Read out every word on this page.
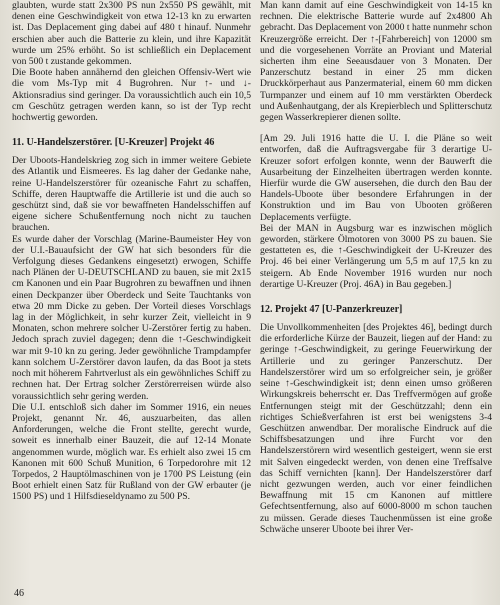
glaubten, wurde statt 2x300 PS nun 2x550 PS gewählt, mit denen eine Geschwindigkeit von etwa 12-13 kn zu erwarten ist. Das Deplacement ging dabei auf 480 t hinauf. Nunmehr erschien aber auch die Batterie zu klein, und ihre Kapazität wurde um 25% erhöht. So ist schließlich ein Deplacement von 500 t zustande gekommen.

Die Boote haben annähernd den gleichen Offensiv-Wert wie die vom Ms-Typ mit 4 Bugrohren. Nur ↑- und ↓-Aktionsradius sind geringer. Da voraussichtlich auch ein 10,5 cm Geschütz getragen werden kann, so ist der Typ recht hochwertig geworden.

11. U-Handelszerstörer. [U-Kreuzer] Projekt 46

Der Uboots-Handelskrieg zog sich in immer weitere Gebiete des Atlantik und Eismeeres. Es lag daher der Gedanke nahe, reine U-Handelszerstörer für ozeanische Fahrt zu schaffen, Schiffe, deren Hauptwaffe die Artillerie ist und die auch so geschützt sind, daß sie vor bewaffneten Handelsschiffen auf eigene sichere Schußentfernung noch nicht zu tauchen brauchen.

Es wurde daher der Vorschlag (Marine-Baumeister Hey von der U.I.-Bauaufsicht der GW hat sich besonders für die Verfolgung dieses Gedankens eingesetzt) erwogen, Schiffe nach Plänen der U-DEUTSCHLAND zu bauen, sie mit 2x15 cm Kanonen und ein Paar Bugrohren zu bewaffnen und ihnen einen Deckpanzer über Oberdeck und Seite Tauchtanks von etwa 20 mm Dicke zu geben. Der Vorteil dieses Vorschlags lag in der Möglichkeit, in sehr kurzer Zeit, vielleicht in 9 Monaten, schon mehrere solcher U-Zerstörer fertig zu haben. Jedoch sprach zuviel dagegen; denn die ↑-Geschwindigkeit war mit 9-10 kn zu gering. Jeder gewöhnliche Trampdampfer kann solchem U-Zerstörer davon laufen, da das Boot ja stets noch mit höherem Fahrtverlust als ein gewöhnliches Schiff zu rechnen hat. Der Ertrag solcher Zerstörerreisen würde also voraussichtlich sehr gering werden.

Die U.I. entschloß sich daher im Sommer 1916, ein neues Projekt, genannt Nr. 46, auszuarbeiten, das allen Anforderungen, welche die Front stellte, gerecht wurde, soweit es innerhalb einer Bauzeit, die auf 12-14 Monate angenommen wurde, möglich war. Es erhielt also zwei 15 cm Kanonen mit 600 Schuß Munition, 6 Torpedorohre mit 12 Torpedos, 2 Hauptölmaschinen von je 1700 PS Leistung (ein Boot erhielt einen Satz für Rußland von der GW erbauter (je 1500 PS) und 1 Hilfsdieseldynamo zu 500 PS.

Man kann damit auf eine Geschwindigkeit von 14-15 kn rechnen. Die elektrische Batterie wurde auf 2x4800 Ah gebracht. Das Deplacement von 2000 t hatte nunmehr schon Kreuzergröße erreicht. Der ↑-[Fahrbereich] von 12000 sm und die vorgesehenen Vorräte an Proviant und Material sicherten ihm eine Seeausdauer von 3 Monaten. Der Panzerschutz bestand in einer 25 mm dicken Druckkörperhaut aus Panzermaterial, einem 60 mm dicken Turmpanzer und einem auf 10 mm verstärkten Oberdeck und Außenhautgang, der als Krepierblech und Splitterschutz gegen Wasserkrepierer dienen sollte.

[Am 29. Juli 1916 hatte die U. I. die Pläne so weit entworfen, daß die Auftragsvergabe für 3 derartige U-Kreuzer sofort erfolgen konnte, wenn der Bauwerft die Ausarbeitung der Einzelheiten übertragen werden konnte. Hierfür wurde die GW ausersehen, die durch den Bau der Handels-Uboote über besondere Erfahrungen in der Konstruktion und im Bau von Ubooten größeren Deplacements verfügte.

Bei der MAN in Augsburg war es inzwischen möglich geworden, stärkere Ölmotoren von 3000 PS zu bauen. Sie gestatteten es, die ↑-Geschwindigkeit der U-Kreuzer des Proj. 46 bei einer Verlängerung um 5,5 m auf 17,5 kn zu steigern. Ab Ende November 1916 wurden nur noch derartige U-Kreuzer (Proj. 46A) in Bau gegeben.]

12. Projekt 47 [U-Panzerkreuzer]

Die Unvollkommenheiten [des Projektes 46], bedingt durch die erforderliche Kürze der Bauzeit, liegen auf der Hand: zu geringe ↑-Geschwindigkeit, zu geringe Feuerwirkung der Artillerie und zu geringer Panzerschutz. Der Handelszerstörer wird um so erfolgreicher sein, je größer seine ↑-Geschwindigkeit ist; denn einen umso größeren Wirkungskreis beherrscht er. Das Treffvermögen auf große Entfernungen steigt mit der Geschützzahl; denn ein richtiges Schießverfahren ist erst bei wenigstens 3-4 Geschützen anwendbar. Der moralische Eindruck auf die Schiffsbesatzungen und ihre Furcht vor den Handelszerstörern wird wesentlich gesteigert, wenn sie erst mit Salven eingedeckt werden, von denen eine Treffsalve das Schiff vernichten [kann]. Der Handelszerstörer darf nicht gezwungen werden, auch vor einer feindlichen Bewaffnung mit 15 cm Kanonen auf mittlere Gefechtsentfernung, also auf 6000-8000 m schon tauchen zu müssen. Gerade dieses Tauchenmüssen ist eine große Schwäche unserer Uboote bei ihrer Ver-

46
